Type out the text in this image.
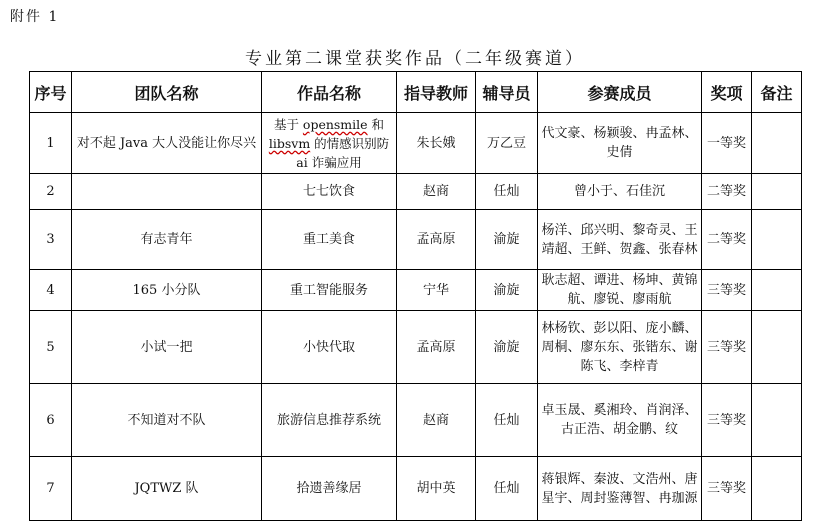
附件 1
专业第二课堂获奖作品（二年级赛道）
序号	团队名称	作品名称	指导教师	辅导员	参赛成员	奖项	备注
1	对不起 Java 大人没能让你尽兴	基于 opensmile 和libsvm 的情感识别防 ai 诈骗应用	朱长娥	万乙豆	代文豪、杨颖骏、冉孟林、史倩	一等奖	
2		七七饮食	赵商	任灿	曾小于、石佳沉	二等奖	
3	有志青年	重工美食	孟高原	渝旋	杨洋、邱兴明、黎奇灵、王靖超、王鲜、贺鑫、张春林	二等奖	
4	165 小分队	重工智能服务	宁华	渝旋	耿志超、谭进、杨坤、黄锦航、廖锐、廖雨航	三等奖	
5	小试一把	小快代取	孟高原	渝旋	林杨钦、彭以阳、庞小麟、周桐、廖东东、张锴东、谢陈飞、李梓青	三等奖	
6	不知道对不队	旅游信息推荐系统	赵商	任灿	卓玉晟、奚湘玲、肖润泽、古正浩、胡金鹏、纹	三等奖	
7	JQTWZ 队	拾遗善缘居	胡中英	任灿	蒋银辉、秦波、文浩州、唐星宇、周封鉴薄智、冉珈源	三等奖	
